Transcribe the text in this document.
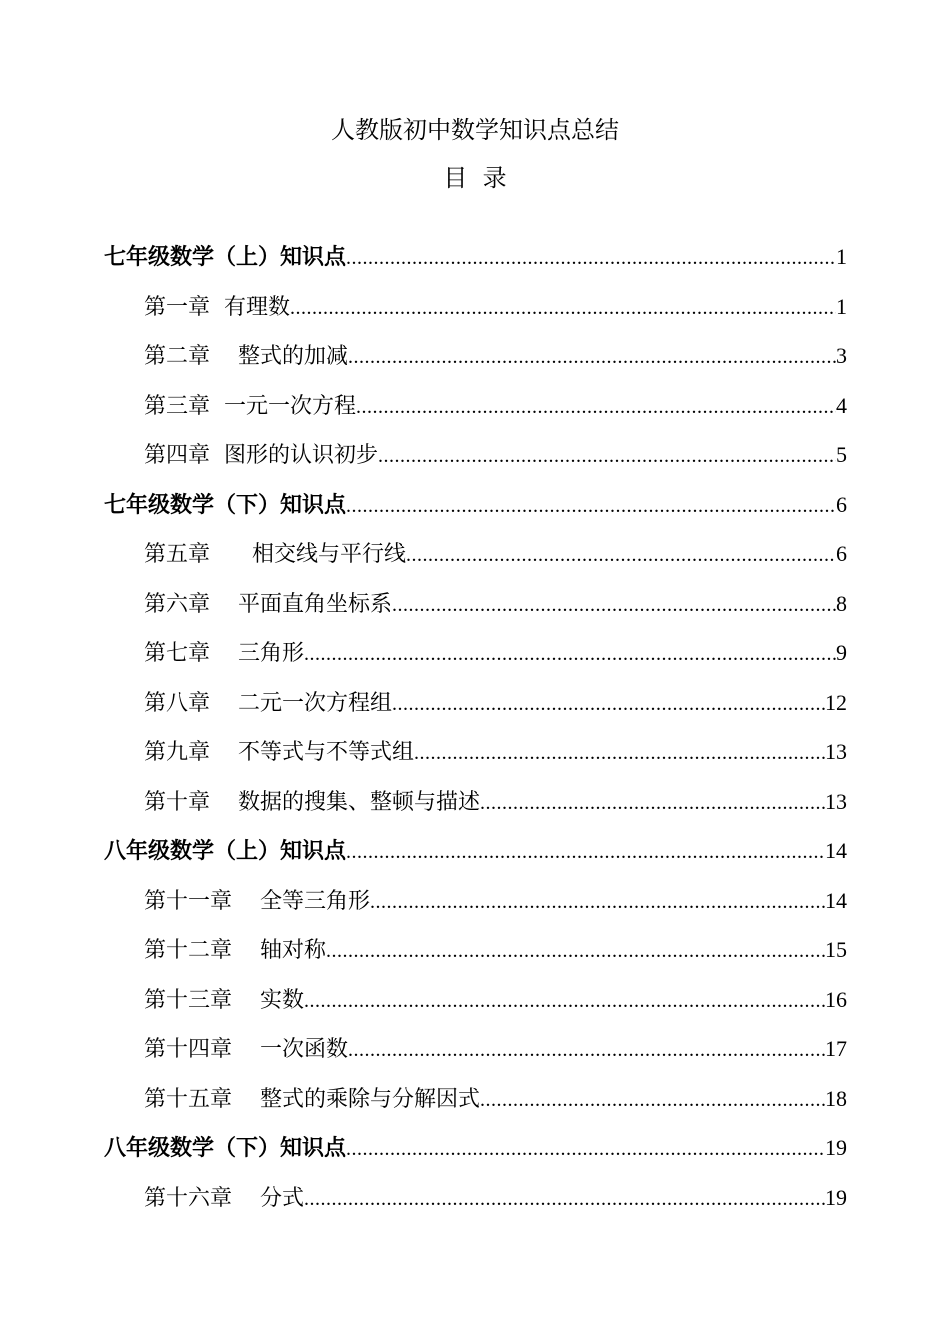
人教版初中数学知识点总结
目  录
七年级数学（上）知识点 .....	1
第一章  有理数 .....	1
第二章    整式的加减 .....	3
第三章  一元一次方程 .....	4
第四章  图形的认识初步 .....	5
七年级数学（下）知识点 .....	6
第五章      相交线与平行线 .....	6
第六章    平面直角坐标系 .....	8
第七章    三角形 .....	9
第八章    二元一次方程组 .....	12
第九章    不等式与不等式组 .....	13
第十章    数据的搜集、整顿与描述 .....	13
八年级数学（上）知识点 .....	14
第十一章    全等三角形 .....	14
第十二章    轴对称 .....	15
第十三章    实数 .....	16
第十四章    一次函数 .....	17
第十五章    整式的乘除与分解因式 .....	18
八年级数学（下）知识点 .....	19
第十六章    分式 .....	19
